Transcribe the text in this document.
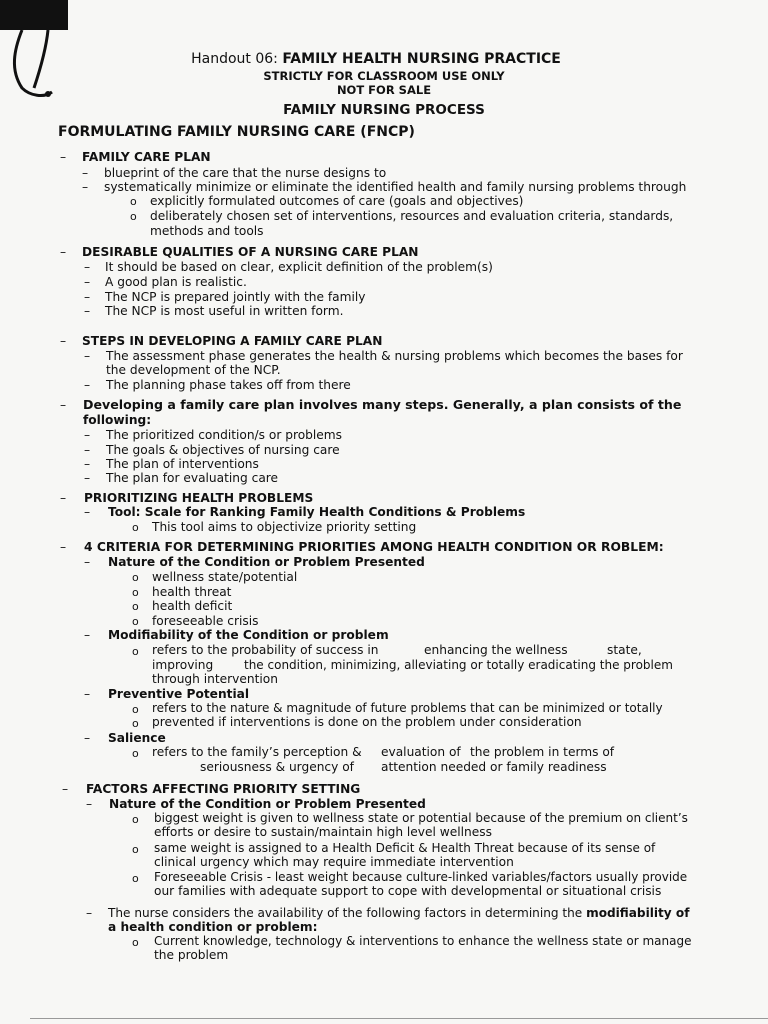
Handout 06: FAMILY HEALTH NURSING PRACTICE
STRICTLY FOR CLASSROOM USE ONLY
NOT FOR SALE
FAMILY NURSING PROCESS
FORMULATING FAMILY NURSING CARE (FNCP)
– FAMILY CARE PLAN
– blueprint of the care that the nurse designs to
– systematically minimize or eliminate the identified health and family nursing problems through
o explicitly formulated outcomes of care (goals and objectives)
o deliberately chosen set of interventions, resources and evaluation criteria, standards,
methods and tools
– DESIRABLE QUALITIES OF A NURSING CARE PLAN
– It should be based on clear, explicit definition of the problem(s)
– A good plan is realistic.
– The NCP is prepared jointly with the family
– The NCP is most useful in written form.
– STEPS IN DEVELOPING A FAMILY CARE PLAN
– The assessment phase generates the health & nursing problems which becomes the bases for
the development of the NCP.
– The planning phase takes off from there
– Developing a family care plan involves many steps. Generally, a plan consists of the
following:
– The prioritized condition/s or problems
– The goals & objectives of nursing care
– The plan of interventions
– The plan for evaluating care
– PRIORITIZING HEALTH PROBLEMS
– Tool: Scale for Ranking Family Health Conditions & Problems
o This tool aims to objectivize priority setting
– 4 CRITERIA FOR DETERMINING PRIORITIES AMONG HEALTH CONDITION OR ROBLEM:
– Nature of the Condition or Problem Presented
o wellness state/potential
o health threat
o health deficit
o foreseeable crisis
– Modifiability of the Condition or problem
o refers to the probability of success in	enhancing the wellness	state,
improving	the condition, minimizing, alleviating or totally eradicating the problem
through intervention
– Preventive Potential
o refers to the nature & magnitude of future problems that can be minimized or totally
o prevented if interventions is done on the problem under consideration
– Salience
o refers to the family’s perception & evaluation of the problem in terms of
seriousness & urgency of attention needed or family readiness
– FACTORS AFFECTING PRIORITY SETTING
– Nature of the Condition or Problem Presented
o biggest weight is given to wellness state or potential because of the premium on client’s
efforts or desire to sustain/maintain high level wellness
o same weight is assigned to a Health Deficit & Health Threat because of its sense of
clinical urgency which may require immediate intervention
o Foreseeable Crisis - least weight because culture-linked variables/factors usually provide
our families with adequate support to cope with developmental or situational crisis
– The nurse considers the availability of the following factors in determining the modifiability of
a health condition or problem:
o Current knowledge, technology & interventions to enhance the wellness state or manage
the problem
